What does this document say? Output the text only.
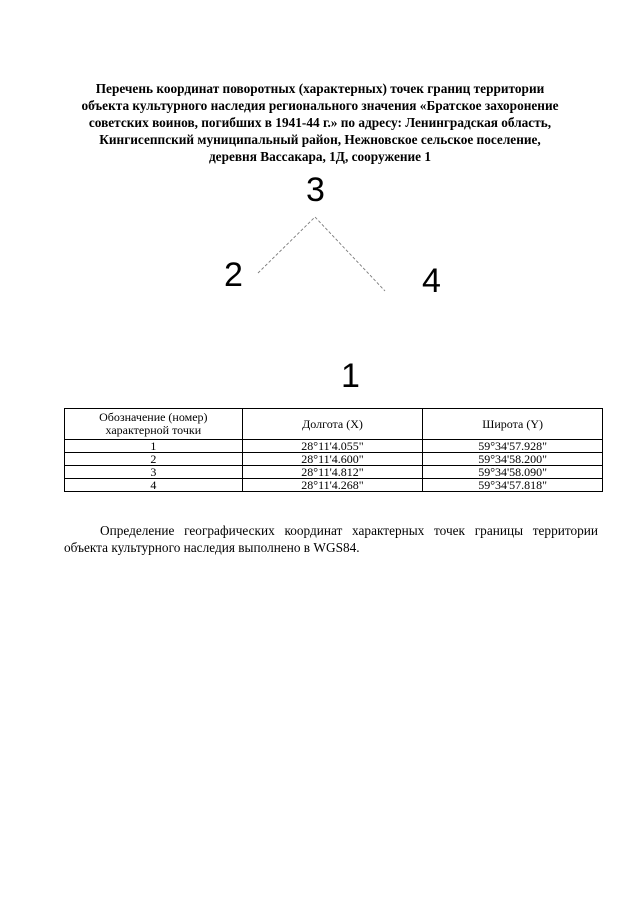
Перечень координат поворотных (характерных) точек границ территории
объекта культурного наследия регионального значения «Братское захоронение
советских воинов, погибших в 1941-44 г.» по адресу: Ленинградская область,
Кингисеппский муниципальный район, Нежновское сельское поселение,
деревня Вассакара, 1Д, сооружение 1
3
2	4
1
Обозначение (номер) характерной точки	Долгота (X)	Широта (Y)
1	28°11'4.055"	59°34'57.928"
2	28°11'4.600"	59°34'58.200"
3	28°11'4.812"	59°34'58.090"
4	28°11'4.268"	59°34'57.818"

Определение географических координат характерных точек границы территории объекта культурного наследия выполнено в WGS84.
